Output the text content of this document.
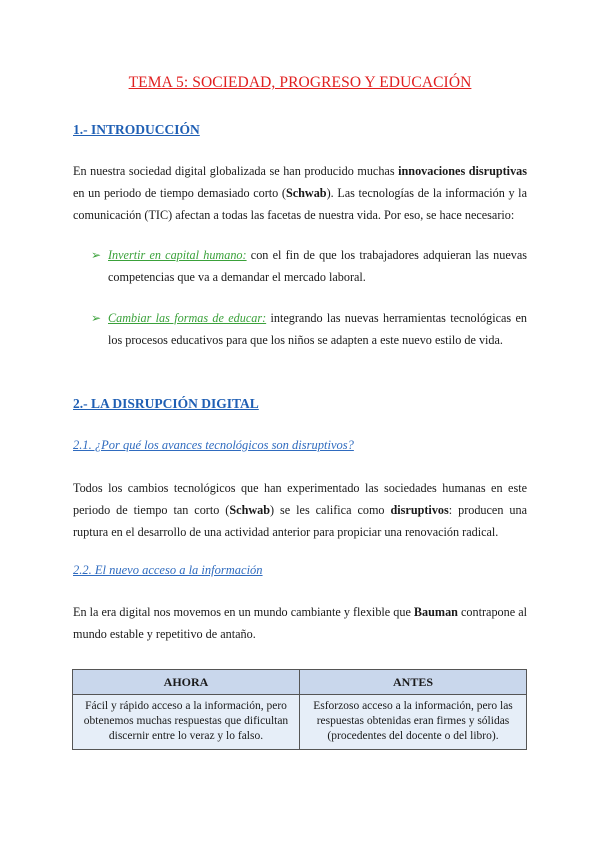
TEMA 5: SOCIEDAD, PROGRESO Y EDUCACIÓN
1.- INTRODUCCIÓN
En nuestra sociedad digital globalizada se han producido muchas innovaciones disruptivas en un periodo de tiempo demasiado corto (Schwab). Las tecnologías de la información y la comunicación (TIC) afectan a todas las facetas de nuestra vida. Por eso, se hace necesario:
➢ Invertir en capital humano: con el fin de que los trabajadores adquieran las nuevas competencias que va a demandar el mercado laboral.
➢ Cambiar las formas de educar: integrando las nuevas herramientas tecnológicas en los procesos educativos para que los niños se adapten a este nuevo estilo de vida.
2.- LA DISRUPCIÓN DIGITAL
2.1. ¿Por qué los avances tecnológicos son disruptivos?
Todos los cambios tecnológicos que han experimentado las sociedades humanas en este periodo de tiempo tan corto (Schwab) se les califica como disruptivos: producen una ruptura en el desarrollo de una actividad anterior para propiciar una renovación radical.
2.2. El nuevo acceso a la información
En la era digital nos movemos en un mundo cambiante y flexible que Bauman contrapone al mundo estable y repetitivo de antaño.
AHORA	ANTES
Fácil y rápido acceso a la información, pero obtenemos muchas respuestas que dificultan discernir entre lo veraz y lo falso.	Esforzoso acceso a la información, pero las respuestas obtenidas eran firmes y sólidas (procedentes del docente o del libro).
